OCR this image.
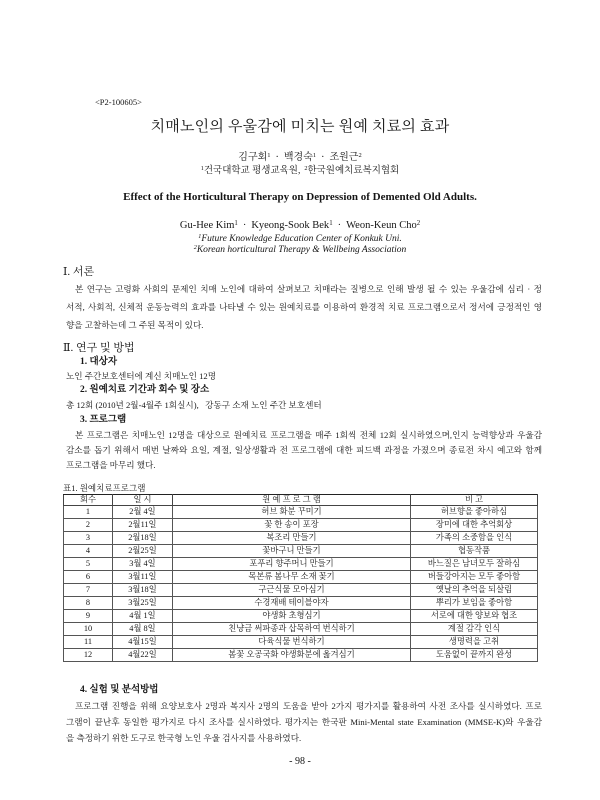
<P2-100605>
치매노인의 우울감에 미치는 원예 치료의 효과
김구회$^1$ · 백경숙$^1$ · 조원근$^2$
$^1$건국대학교 평생교육원, $^2$한국원예치료복지협회
Effect of the Horticultural Therapy on Depression of Demented Old Adults.
Gu-Hee Kim$^1$ · Kyeong-Sook Bek$^1$ · Weon-Keun Cho$^2$
$^1$Future Knowledge Education Center of Konkuk Uni.
$^2$Korean horticultural Therapy & Wellbeing Association
Ⅰ. 서론
본 연구는 고령화 사회의 문제인 치매 노인에 대하여 살펴보고 치매라는 질병으로 인해 발생 될 수 있는 우울감에 심리 · 정
서적, 사회적, 신체적 운동능력의 효과를 나타낼 수 있는 원예치료를 이용하여 환경적 치료 프로그램으로서 정서에 긍정적인 영
향을 고찰하는데 그 주된 목적이 있다.
Ⅱ. 연구 및 방법
1. 대상자
노인 주간보호센터에 계신 치매노인 12명
2. 원예치료 기간과 회수 및 장소
총 12회 (2010년 2월-4월주 1회실시),   강동구 소재 노인 주간 보호센터
3. 프로그램
본 프로그램은 치매노인 12명을 대상으로 원예치료 프로그램을 매주 1회씩 전체 12회 실시하였으며,인지 능력향상과 우울감
감소를 돕기 위해서 매번 날짜와 요일, 계절, 일상생활과 전 프로그램에 대한 피드백 과정을 가졌으며 종료전 차시 예고와 함께
프로그램을 마무리 했다.
표1. 원예치료프로그램
회수	일 시	원 예 프 로 그 램	비 고
1	2월 4일	허브 화분 꾸미기	허브향을 좋아하심
2	2월11일	꽃 한 송이 포장	장미에 대한 추억회상
3	2월18일	복조리 만들기	가족의 소중함을 인식
4	2월25일	꽃바구니 만들기	협동작품
5	3월 4일	포푸리 향주머니 만들기	바느질은 남녀모두 잘하심
6	3월11일	목본류 봄나무 소재 꽂기	버들강아지는 모두 좋아함
7	3월18일	구근식물 모아심기	옛날의 추억을 되살림
8	3월25일	수경재배 테이블야자	뿌리가 보임을 좋아함
9	4월 1일	야생화 초형심기	서로에 대한 양보와 협조
10	4월 8일	친냥금 써파종과 삽목하여 번식하기	계절 감각 인식
11	4월15일	다육식물 번식하기	생명력을 고취
12	4월22일	봄꽃 오공국화 야생화분에 옮겨심기	도움없이 끝까지 완성
4. 실험 및 분석방법
프로그램 진행을 위해 요양보호사 2명과 복지사 2명의 도움을 받아 2가지 평가지를 활용하여 사전 조사를 실시하였다. 프로
그램이 끝난후 동일한 평가지로 다시 조사를 실시하였다. 평가지는 한국판 Mini-Mental state Examination (MMSE-K)와 우울감
을 측정하기 위한 도구로 한국형 노인 우울 검사지를 사용하였다.
- 98 -
